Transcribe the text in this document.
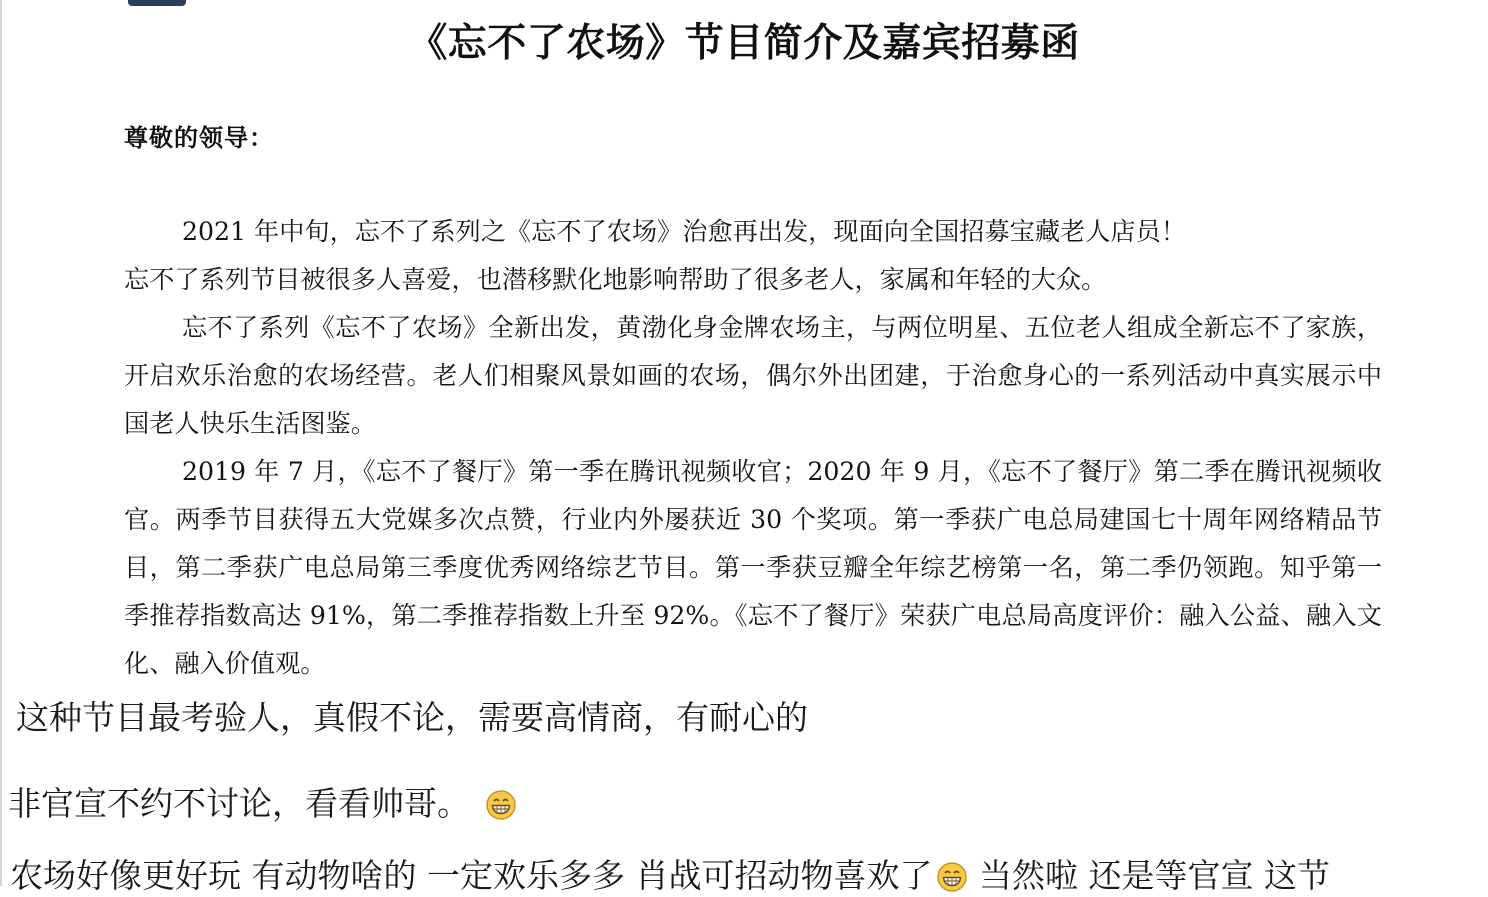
《忘不了农场》节目简介及嘉宾招募函
尊敬的领导：

2021 年中旬，忘不了系列之《忘不了农场》治愈再出发，现面向全国招募宝藏老人店员！

忘不了系列节目被很多人喜爱，也潜移默化地影响帮助了很多老人，家属和年轻的大众。

忘不了系列《忘不了农场》全新出发，黄渤化身金牌农场主，与两位明星、五位老人组成全新忘不了家族，开启欢乐治愈的农场经营。老人们相聚风景如画的农场，偶尔外出团建，于治愈身心的一系列活动中真实展示中国老人快乐生活图鉴。

2019 年 7 月，《忘不了餐厅》第一季在腾讯视频收官；2020 年 9 月，《忘不了餐厅》第二季在腾讯视频收官。两季节目获得五大党媒多次点赞，行业内外屡获近 30 个奖项。第一季获广电总局建国七十周年网络精品节目，第二季获广电总局第三季度优秀网络综艺节目。第一季获豆瓣全年综艺榜第一名，第二季仍领跑。知乎第一季推荐指数高达 91%，第二季推荐指数上升至 92%。《忘不了餐厅》荣获广电总局高度评价：融入公益、融入文化、融入价值观。

这种节目最考验人，真假不论，需要高情商，有耐心的
非官宣不约不讨论，看看帅哥。
农场好像更好玩 有动物啥的 一定欢乐多多 肖战可招动物喜欢了 当然啦 还是等官宣 这节
